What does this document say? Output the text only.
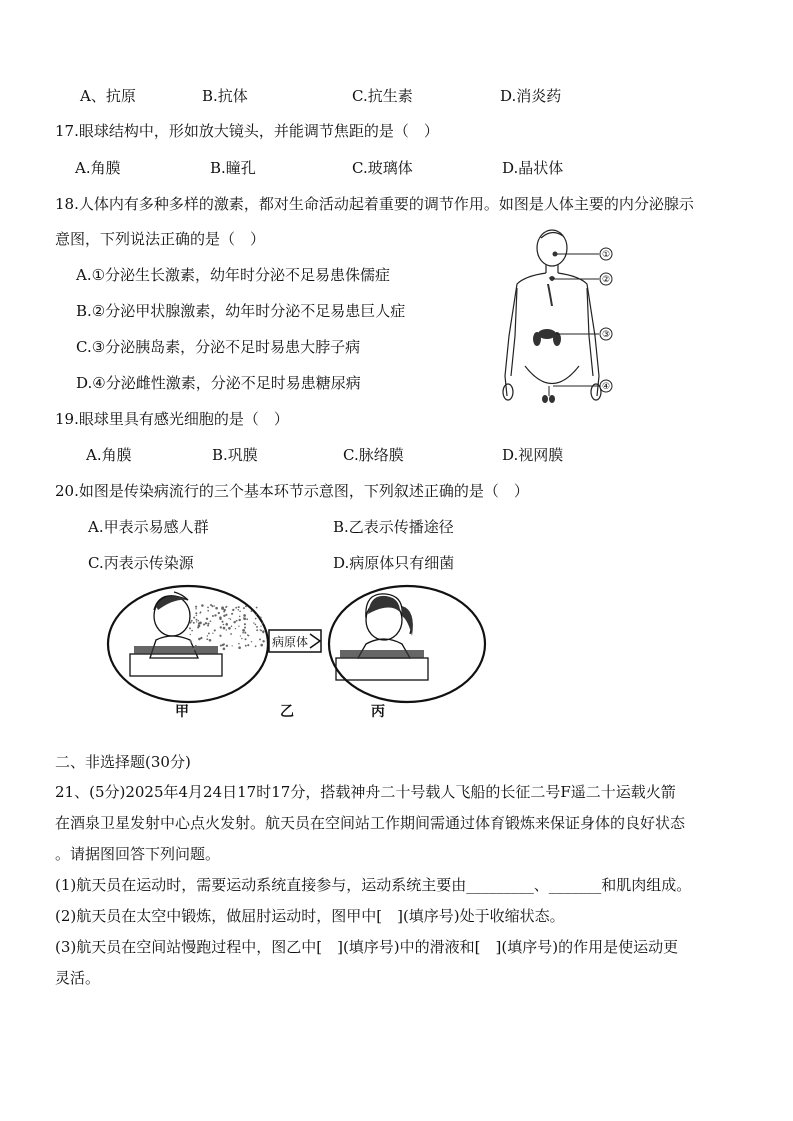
A、抗原	B.抗体	C.抗生素	D.消炎药
17.眼球结构中，形如放大镜头，并能调节焦距的是（　）
A.角膜	B.瞳孔	C.玻璃体	D.晶状体
18.人体内有多种多样的激素，都对生命活动起着重要的调节作用。如图是人体主要的内分泌腺示
意图，下列说法正确的是（　）
A.①分泌生长激素，幼年时分泌不足易患侏儒症
B.②分泌甲状腺激素，幼年时分泌不足易患巨人症
C.③分泌胰岛素，分泌不足时易患大脖子病
D.④分泌雌性激素，分泌不足时易患糖尿病
①
②
③
④
19.眼球里具有感光细胞的是（　）
A.角膜	B.巩膜	C.脉络膜	D.视网膜
20.如图是传染病流行的三个基本环节示意图，下列叙述正确的是（　）
A.甲表示易感人群	B.乙表示传播途径
C.丙表示传染源	D.病原体只有细菌
病原体
甲	乙	丙
二、非选择题(30分)
21、(5分)2025年4月24日17时17分，搭载神舟二十号载人飞船的长征二号F遥二十运载火箭
在酒泉卫星发射中心点火发射。航天员在空间站工作期间需通过体育锻炼来保证身体的良好状态
。请据图回答下列问题。
(1)航天员在运动时，需要运动系统直接参与，运动系统主要由_________、_______和肌肉组成。
(2)航天员在太空中锻炼，做屈肘运动时，图甲中[　](填序号)处于收缩状态。
(3)航天员在空间站慢跑过程中，图乙中[　](填序号)中的滑液和[　](填序号)的作用是使运动更
灵活。
